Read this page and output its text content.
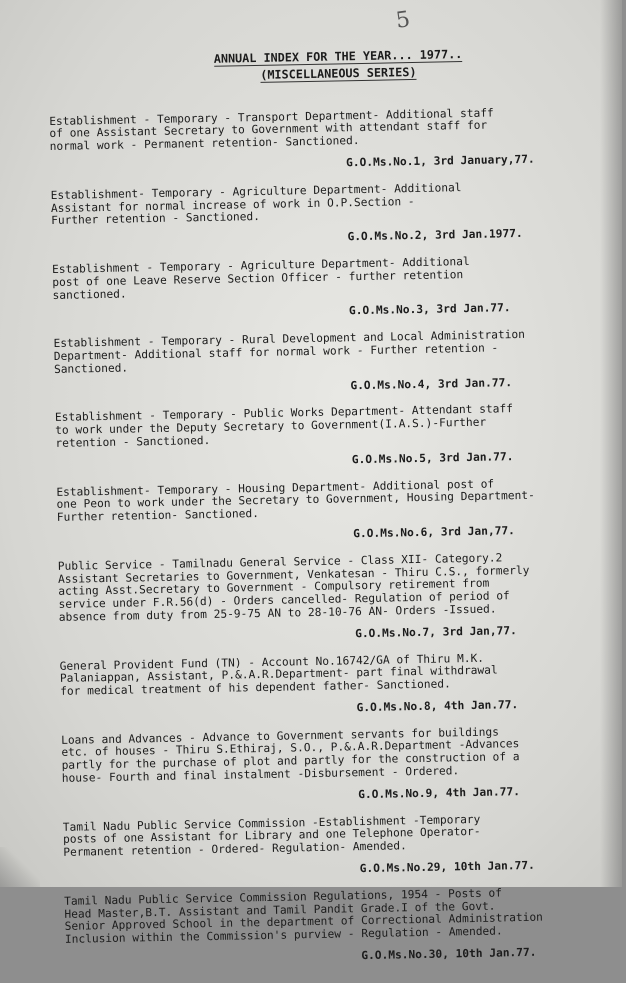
5
ANNUAL INDEX FOR THE YEAR... 1977..
(MISCELLANEOUS SERIES)
Establishment - Temporary - Transport Department- Additional staff
of one Assistant Secretary to Government with attendant staff for
normal work - Permanent retention- Sanctioned.
G.O.Ms.No.1, 3rd January,77.
Establishment- Temporary - Agriculture Department- Additional
Assistant for normal increase of work in O.P.Section -
Further retention - Sanctioned.
G.O.Ms.No.2, 3rd Jan.1977.
Establishment - Temporary - Agriculture Department- Additional
post of one Leave Reserve Section Officer - further retention
sanctioned.
G.O.Ms.No.3, 3rd Jan.77.
Establishment - Temporary - Rural Development and Local Administration
Department- Additional staff for normal work - Further retention -
Sanctioned.
G.O.Ms.No.4, 3rd Jan.77.
Establishment - Temporary - Public Works Department- Attendant staff
to work under the Deputy Secretary to Government(I.A.S.)-Further
retention - Sanctioned.
G.O.Ms.No.5, 3rd Jan.77.
Establishment- Temporary - Housing Department- Additional post of
one Peon to work under the Secretary to Government, Housing Department-
Further retention- Sanctioned.
G.O.Ms.No.6, 3rd Jan,77.
Public Service - Tamilnadu General Service - Class XII- Category.2
Assistant Secretaries to Government, Venkatesan - Thiru C.S., formerly
acting Asst.Secretary to Government - Compulsory retirement from
service under F.R.56(d) - Orders cancelled- Regulation of period of
absence from duty from 25-9-75 AN to 28-10-76 AN- Orders -Issued.
G.O.Ms.No.7, 3rd Jan,77.
General Provident Fund (TN) - Account No.16742/GA of Thiru M.K.
Palaniappan, Assistant, P.&.A.R.Department- part final withdrawal
for medical treatment of his dependent father- Sanctioned.
G.O.Ms.No.8, 4th Jan.77.
Loans and Advances - Advance to Government servants for buildings
etc. of houses - Thiru S.Ethiraj, S.O., P.&.A.R.Department -Advances
partly for the purchase of plot and partly for the construction of a
house- Fourth and final instalment -Disbursement - Ordered.
G.O.Ms.No.9, 4th Jan.77.
Tamil Nadu Public Service Commission -Establishment -Temporary
posts of one Assistant for Library and one Telephone Operator-
Permanent retention - Ordered- Regulation- Amended.
G.O.Ms.No.29, 10th Jan.77.
Tamil Nadu Public Service Commission Regulations, 1954 - Posts of
Head Master,B.T. Assistant and Tamil Pandit Grade.I of the Govt.
Senior Approved School in the department of Correctional Administration
Inclusion within the Commission's purview - Regulation - Amended.
G.O.Ms.No.30, 10th Jan.77.
